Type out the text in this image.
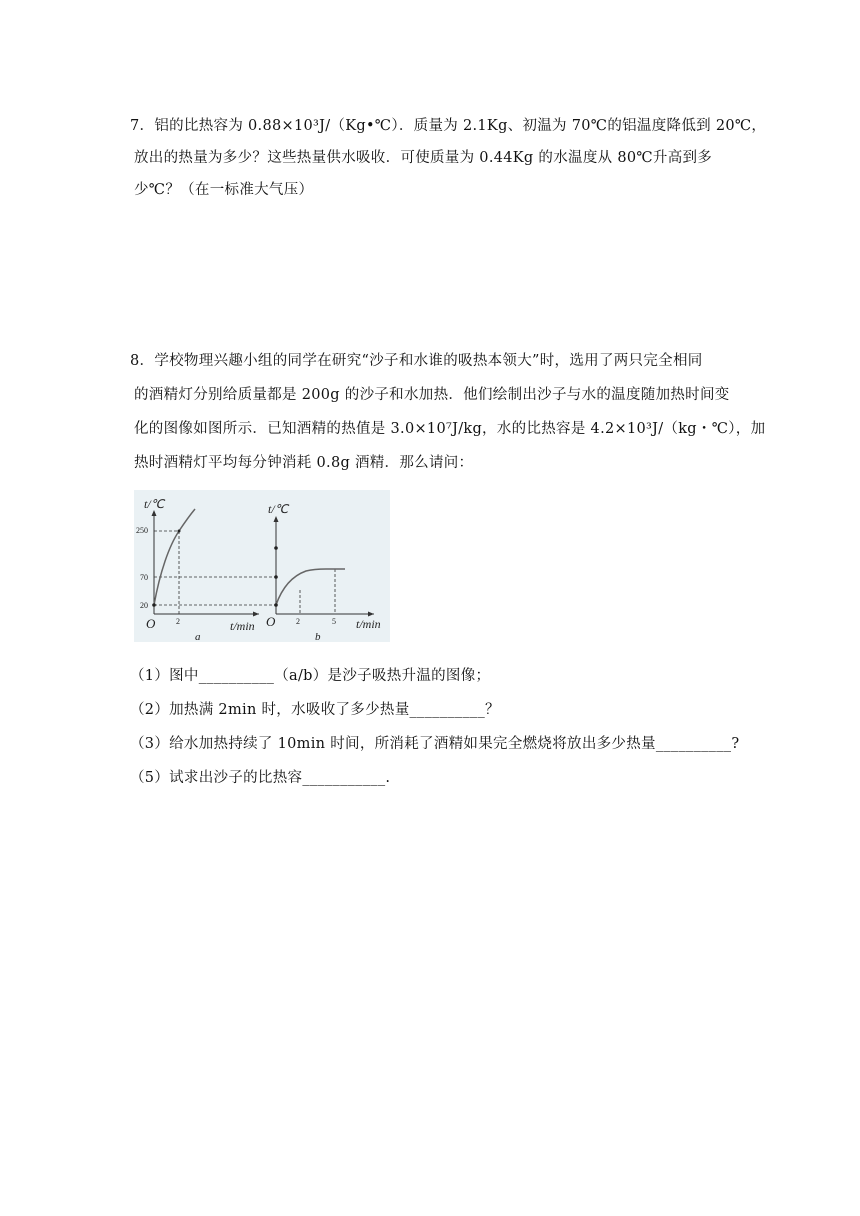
7．铝的比热容为 0.88×10³J/（Kg•℃）．质量为 2.1Kg、初温为 70℃的铝温度降低到 20℃，
放出的热量为多少？这些热量供水吸收．可使质量为 0.44Kg 的水温度从 80℃升高到多
少℃？（在一标准大气压）
8．学校物理兴趣小组的同学在研究“沙子和水谁的吸热本领大”时，选用了两只完全相同
的酒精灯分别给质量都是 200g 的沙子和水加热．他们绘制出沙子与水的温度随加热时间变
化的图像如图所示．已知酒精的热值是 3.0×10⁷J/kg，水的比热容是 4.2×10³J/（kg・℃），加
热时酒精灯平均每分钟消耗 0.8g 酒精．那么请问：
t/℃
t/min
O
250
70
20
2
a
t/℃
t/min
O	2	5
b
（1）图中__________（a/b）是沙子吸热升温的图像；
（2）加热满 2min 时，水吸收了多少热量__________？
（3）给水加热持续了 10min 时间，所消耗了酒精如果完全燃烧将放出多少热量__________?
（5）试求出沙子的比热容___________.
